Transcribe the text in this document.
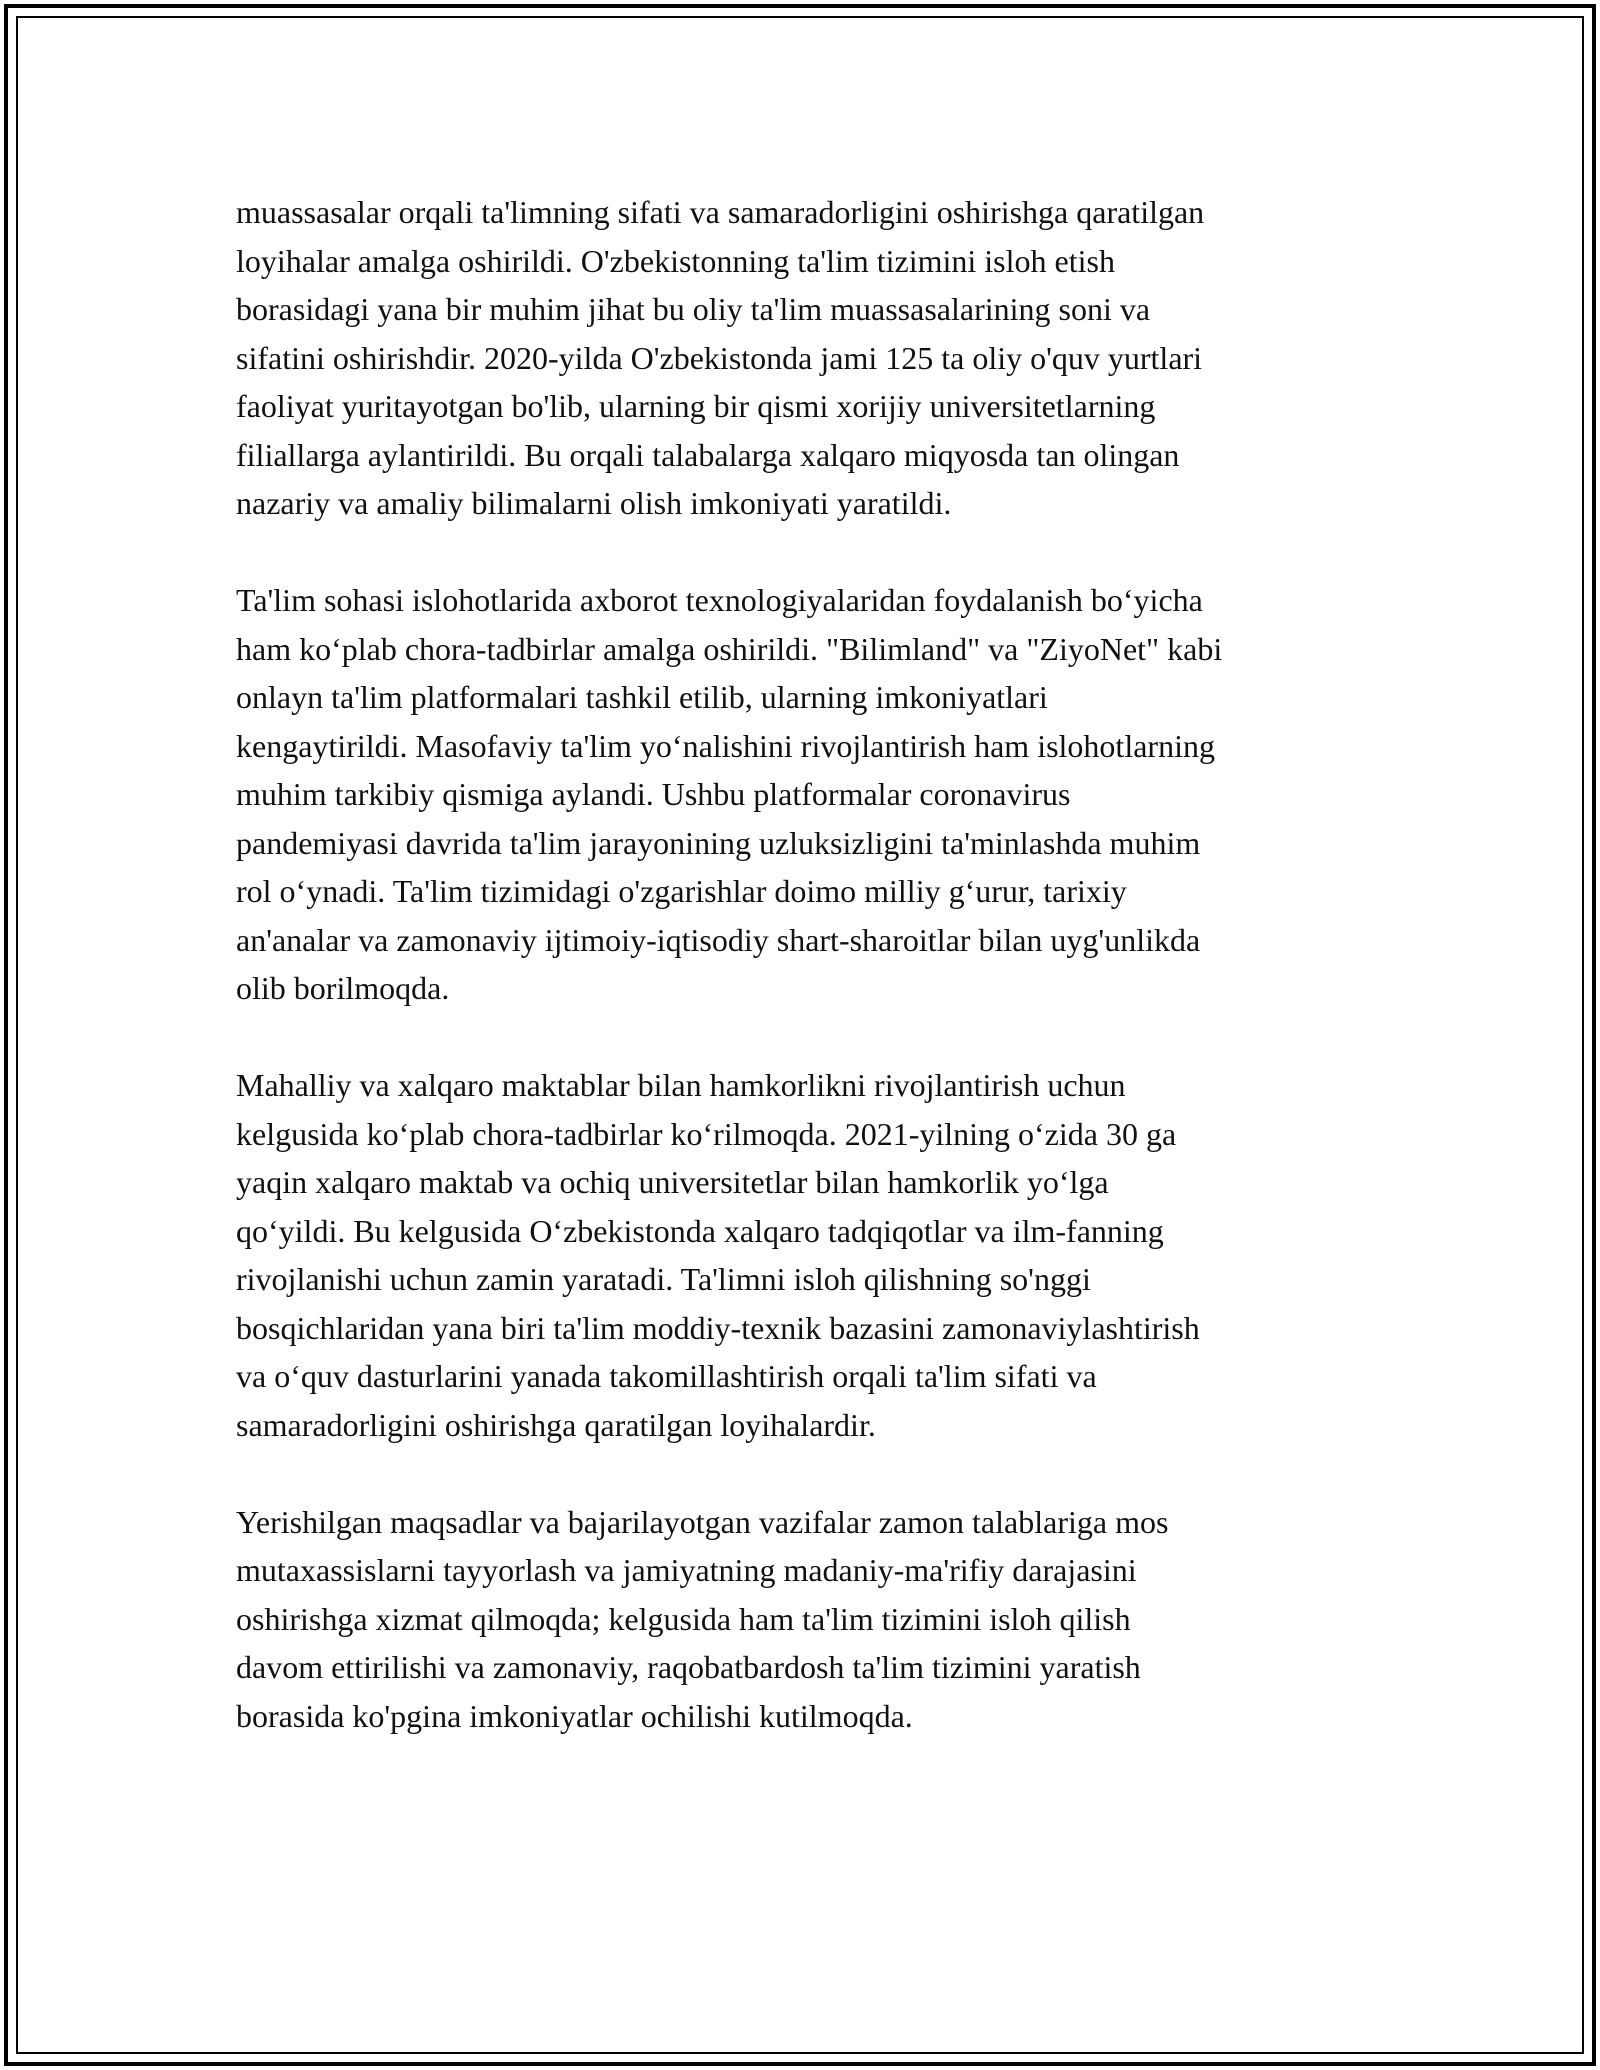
muassasalar orqali ta'limning sifati va samaradorligini oshirishga qaratilgan
loyihalar amalga oshirildi. O'zbekistonning ta'lim tizimini isloh etish
borasidagi yana bir muhim jihat bu oliy ta'lim muassasalarining soni va
sifatini oshirishdir. 2020-yilda O'zbekistonda jami 125 ta oliy o'quv yurtlari
faoliyat yuritayotgan bo'lib, ularning bir qismi xorijiy universitetlarning
filiallarga aylantirildi. Bu orqali talabalarga xalqaro miqyosda tan olingan
nazariy va amaliy bilimalarni olish imkoniyati yaratildi.

Ta'lim sohasi islohotlarida axborot texnologiyalaridan foydalanish boʻyicha
ham koʻplab chora-tadbirlar amalga oshirildi. "Bilimland" va "ZiyoNet" kabi
onlayn ta'lim platformalari tashkil etilib, ularning imkoniyatlari
kengaytirildi. Masofaviy ta'lim yoʻnalishini rivojlantirish ham islohotlarning
muhim tarkibiy qismiga aylandi. Ushbu platformalar coronavirus
pandemiyasi davrida ta'lim jarayonining uzluksizligini ta'minlashda muhim
rol oʻynadi. Ta'lim tizimidagi o'zgarishlar doimo milliy gʻurur, tarixiy
an'analar va zamonaviy ijtimoiy-iqtisodiy shart-sharoitlar bilan uyg'unlikda
olib borilmoqda.

Mahalliy va xalqaro maktablar bilan hamkorlikni rivojlantirish uchun
kelgusida koʻplab chora-tadbirlar koʻrilmoqda. 2021-yilning oʻzida 30 ga
yaqin xalqaro maktab va ochiq universitetlar bilan hamkorlik yoʻlga
qoʻyildi. Bu kelgusida Oʻzbekistonda xalqaro tadqiqotlar va ilm-fanning
rivojlanishi uchun zamin yaratadi. Ta'limni isloh qilishning so'nggi
bosqichlaridan yana biri ta'lim moddiy-texnik bazasini zamonaviylashtirish
va oʻquv dasturlarini yanada takomillashtirish orqali ta'lim sifati va
samaradorligini oshirishga qaratilgan loyihalardir.

Yerishilgan maqsadlar va bajarilayotgan vazifalar zamon talablariga mos
mutaxassislarni tayyorlash va jamiyatning madaniy-ma'rifiy darajasini
oshirishga xizmat qilmoqda; kelgusida ham ta'lim tizimini isloh qilish
davom ettirilishi va zamonaviy, raqobatbardosh ta'lim tizimini yaratish
borasida ko'pgina imkoniyatlar ochilishi kutilmoqda.
